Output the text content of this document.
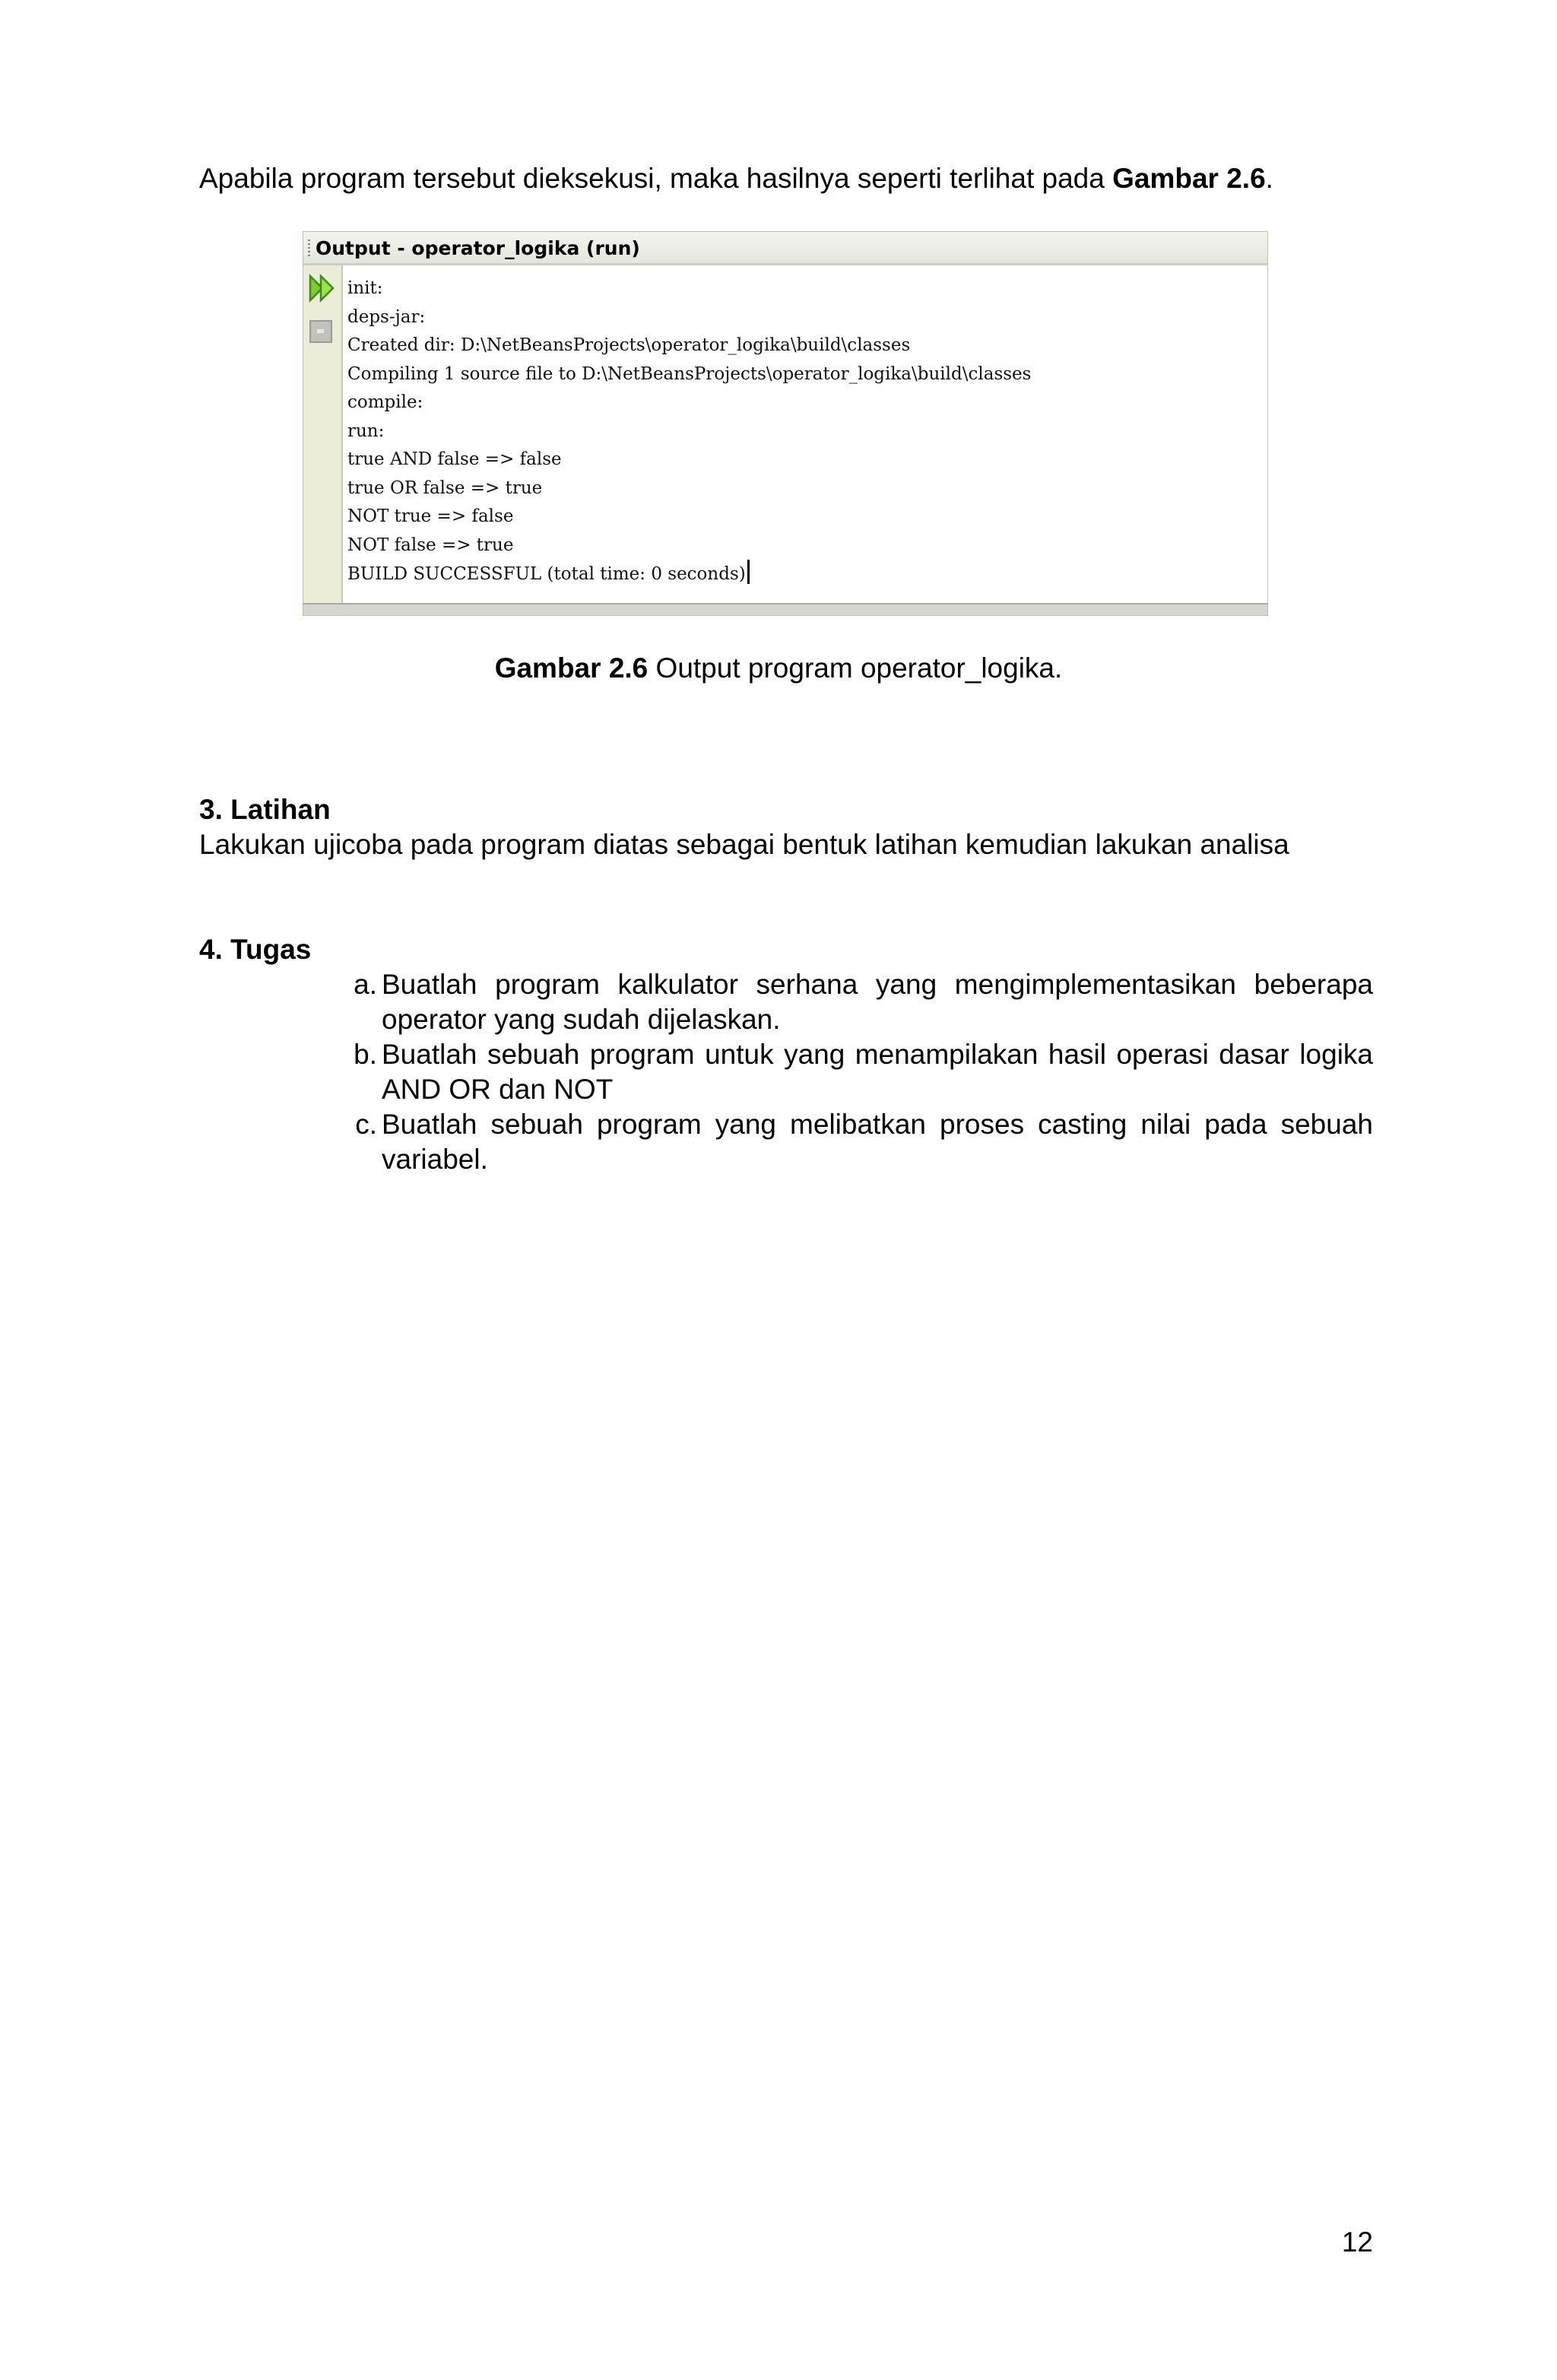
Apabila program tersebut dieksekusi, maka hasilnya seperti terlihat pada Gambar 2.6.
Output - operator_logika (run)
init:
deps-jar:
Created dir: D:\NetBeansProjects\operator_logika\build\classes
Compiling 1 source file to D:\NetBeansProjects\operator_logika\build\classes
compile:
run:
true AND false => false
true OR false => true
NOT true => false
NOT false => true
BUILD SUCCESSFUL (total time: 0 seconds)
Gambar 2.6 Output program operator_logika.
3. Latihan
Lakukan ujicoba pada program diatas sebagai bentuk latihan kemudian lakukan analisa
4. Tugas
a. Buatlah program kalkulator serhana yang mengimplementasikan beberapa operator yang sudah dijelaskan.
b. Buatlah sebuah program untuk yang menampilakan hasil operasi dasar logika AND OR dan NOT
c. Buatlah sebuah program yang melibatkan proses casting nilai pada sebuah variabel.
12
